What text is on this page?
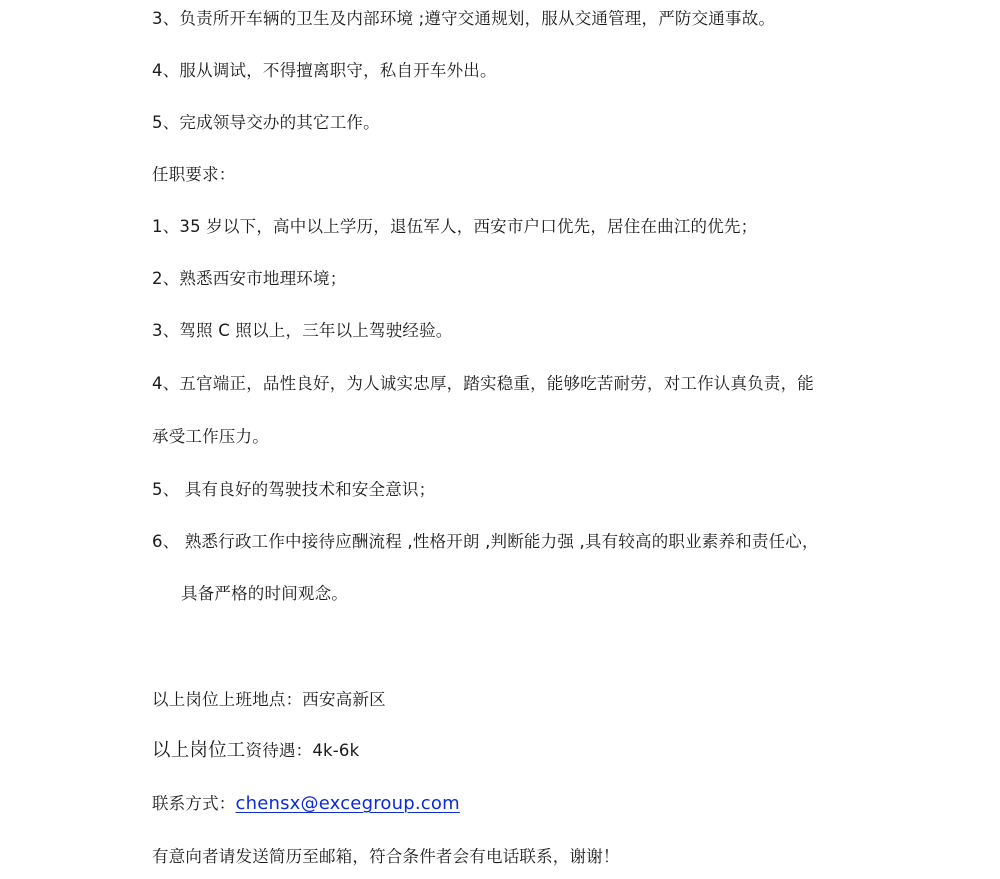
3、负责所开车辆的卫生及内部环境 ;遵守交通规划，服从交通管理，严防交通事故。
4、服从调试，不得擅离职守，私自开车外出。
5、完成领导交办的其它工作。
任职要求：
1、35 岁以下，高中以上学历，退伍军人，西安市户口优先，居住在曲江的优先；
2、熟悉西安市地理环境；
3、驾照 C 照以上，三年以上驾驶经验。
4、五官端正，品性良好，为人诚实忠厚，踏实稳重，能够吃苦耐劳，对工作认真负责，能
承受工作压力。
5、 具有良好的驾驶技术和安全意识；
6、 熟悉行政工作中接待应酬流程 ,性格开朗 ,判断能力强 ,具有较高的职业素养和责任心，
具备严格的时间观念。
以上岗位上班地点：西安高新区
以上岗位工资待遇：4k-6k
联系方式：chensx@excegroup.com
有意向者请发送简历至邮箱，符合条件者会有电话联系，谢谢！
